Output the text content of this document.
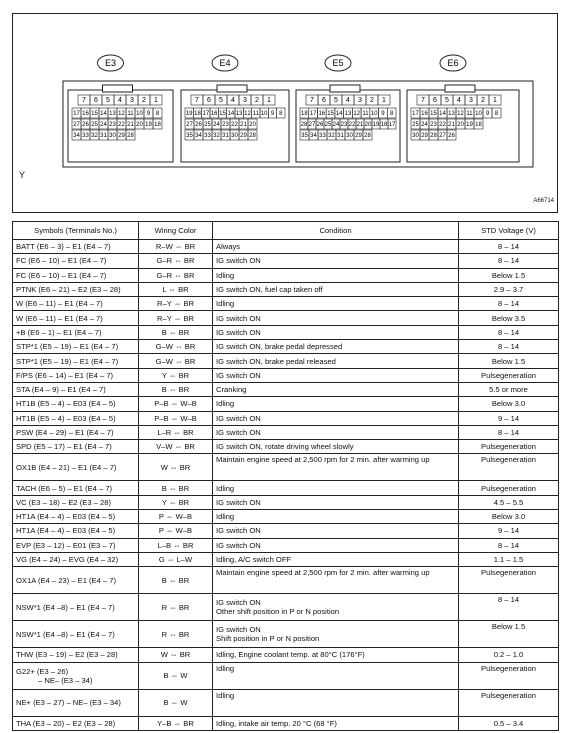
E3
7 6 5 4 3 2 1
17 16 15 14 13 12 11 10 9 8
27 26 25 24 23 22 21 20 19 18
34 33 32 31 30 29 28
E4
7 6 5 4 3 2 1
19 18 17 16 15 14 13 12 11 10 9 8
27 26 25 24 23 22 21 20
35 34 33 32 31 30 29 28
E5
7 6 5 4 3 2 1
18 17 16 15 14 13 12 11 10 9 8
28 27 26 25 24 23 22 21 20 19 18 17
35 34 33 32 31 30 29 28
E6
7 6 5 4 3 2 1
17 16 15 14 13 12 11 10 9 8
25 24 23 22 21 20 19 18
30 29 28 27 26
Y
A66714
Symbols (Terminals No.)	Wiring Color	Condition	STD Voltage (V)
BATT (E6 – 3) – E1 (E4 – 7)	R–W ⇔ BR	Always	8 – 14
FC (E6 – 10) – E1 (E4 – 7)	G–R ⇔ BR	IG switch ON	8 – 14
FC (E6 – 10) – E1 (E4 – 7)	G–R ⇔ BR	Idling	Below 1.5
PTNK (E6 – 21) – E2 (E3 – 28)	L ⇔ BR	IG switch ON, fuel cap taken off	2.9 – 3.7
W (E6 – 11) – E1 (E4 – 7)	R–Y ⇔ BR	Idling	8 – 14
W (E6 – 11) – E1 (E4 – 7)	R–Y ⇔ BR	IG switch ON	Below 3.5
+B (E6 – 1) – E1 (E4 – 7)	B ⇔ BR	IG switch ON	8 – 14
STP*1 (E5 – 19) – E1 (E4 – 7)	G–W ⇔ BR	IG switch ON, brake pedal depressed	8 – 14
STP*1 (E5 – 19) – E1 (E4 – 7)	G–W ⇔ BR	IG switch ON, brake pedal released	Below 1.5
F/PS (E6 – 14) – E1 (E4 – 7)	Y ⇔ BR	IG switch ON	Pulsegeneration
STA (E4 – 9) – E1 (E4 – 7)	B ⇔ BR	Cranking	5.5 or more
HT1B (E5 – 4) – E03 (E4 – 5)	P–B ⇔ W–B	Idling	Below 3.0
HT1B (E5 – 4) – E03 (E4 – 5)	P–B ⇔ W–B	IG switch ON	9 – 14
PSW (E4 – 29) – E1 (E4 – 7)	L–R ⇔ BR	IG switch ON	8 – 14
SPD (E5 – 17) – E1 (E4 – 7)	V–W ⇔ BR	IG switch ON, rotate driving wheel slowly	Pulsegeneration
OX1B (E4 – 21) – E1 (E4 – 7)	W ⇔ BR	Maintain engine speed at 2,500 rpm for 2 min. after warming up	Pulsegeneration
TACH (E6 – 5) – E1 (E4 – 7)	B ⇔ BR	Idling	Pulsegeneration
VC (E3 – 18) – E2 (E3 – 28)	Y ⇔ BR	IG switch ON	4.5 – 5.5
HT1A (E4 – 4) – E03 (E4 – 5)	P ⇔ W–B	Idling	Below 3.0
HT1A (E4 – 4) – E03 (E4 – 5)	P ⇔ W–B	IG switch ON	9 – 14
EVP (E3 – 12) – E01 (E3 – 7)	L–B ⇔ BR	IG switch ON	8 – 14
VG (E4 – 24) – EVG (E4 – 32)	G ⇔ L–W	Idling, A/C switch OFF	1.1 – 1.5
OX1A (E4 – 23) – E1 (E4 – 7)	B ⇔ BR	Maintain engine speed at 2,500 rpm for 2 min. after warming up	Pulsegeneration
NSW*1 (E4 –8) – E1 (E4 – 7)	R ⇔ BR	IG switch ON
Other shift position in P or N position	8 – 14
NSW*1 (E4 –8) – E1 (E4 – 7)	R ⇔ BR	IG switch ON
Shift position in P or N position	Below 1.5
THW (E3 – 19) – E2 (E3 – 28)	W ⇔ BR	Idling, Engine coolant temp. at 80°C (176°F)	0.2 – 1.0
G22+ (E3 – 26)
– NE– (E3 – 34)	B ⇔ W	Idling	Pulsegeneration
NE+ (E3 – 27) – NE– (E3 – 34)	B ⇔ W	Idling	Pulsegeneration
THA (E3 – 20) – E2 (E3 – 28)	Y–B ⇔ BR	Idling, intake air temp. 20 °C (68 °F)	0.5 – 3.4
